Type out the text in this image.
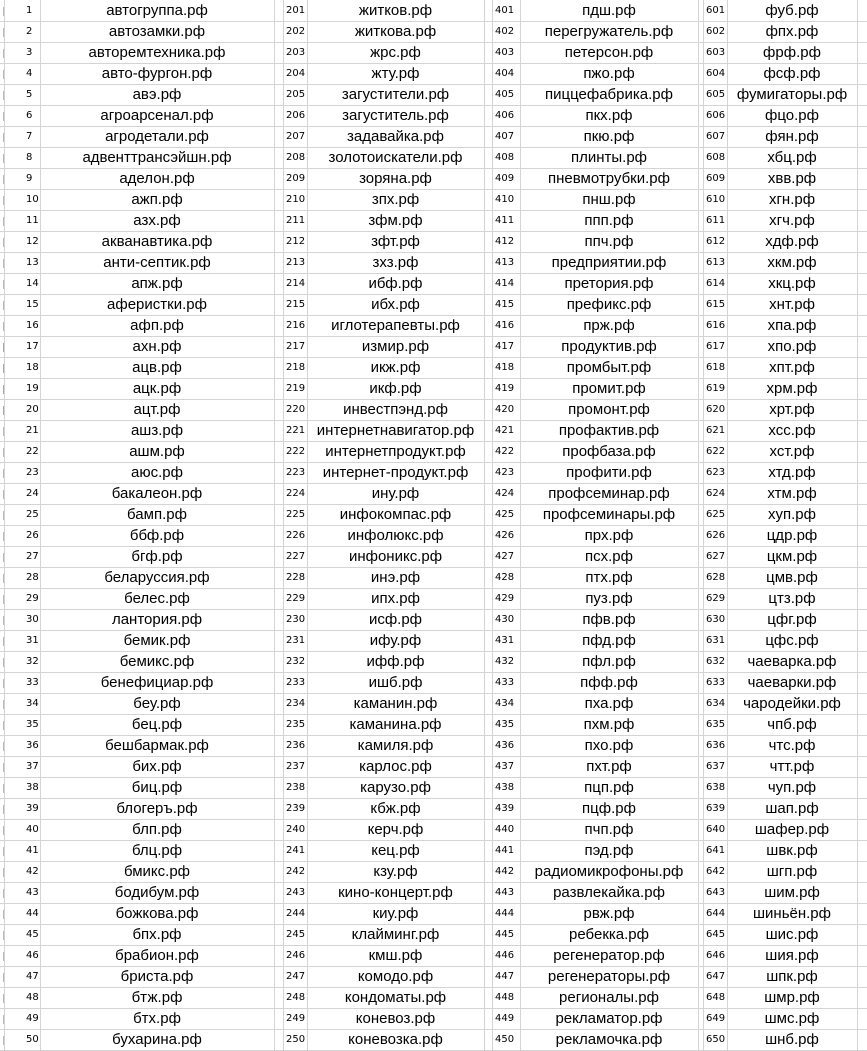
1	автогруппа.рф	201	житков.рф	401	пдш.рф	601	фуб.рф
2	автозамки.рф	202	житкова.рф	402	перегружатель.рф	602	фпх.рф
3	авторемтехника.рф	203	жрс.рф	403	петерсон.рф	603	фрф.рф
4	авто-фургон.рф	204	жту.рф	404	пжо.рф	604	фсф.рф
5	авэ.рф	205	загустители.рф	405	пиццефабрика.рф	605 фумигаторы.рф
6	агроарсенал.рф	206	загуститель.рф	406	пкх.рф	606	фцо.рф
7	агродетали.рф	207	задавайка.рф	407	пкю.рф	607	фян.рф
8	адвенттрансэйшн.рф	208	золотоискатели.рф	408	плинты.рф	608	хбц.рф
9	аделон.рф	209	зоряна.рф	409	пневмотрубки.рф	609	хвв.рф
10	ажп.рф	210	зпх.рф	410	пнш.рф	610	хгн.рф
11	азх.рф	211	зфм.рф	411	ппп.рф	611	хгч.рф
12	акванавтика.рф	212	зфт.рф	412	ппч.рф	612	хдф.рф
13	анти-септик.рф	213	зхз.рф	413	предприятии.рф	613	хкм.рф
14	апж.рф	214	ибф.рф	414	претория.рф	614	хкц.рф
15	аферистки.рф	215	ибх.рф	415	префикс.рф	615	хнт.рф
16	афп.рф	216	иглотерапевты.рф	416	прж.рф	616	хпа.рф
17	ахн.рф	217	измир.рф	417	продуктив.рф	617	хпо.рф
18	ацв.рф	218	икж.рф	418	промбыт.рф	618	хпт.рф
19	ацк.рф	219	икф.рф	419	промит.рф	619	хрм.рф
20	ацт.рф	220	инвестпэнд.рф	420	промонт.рф	620	хрт.рф
21	ашз.рф	221 интернетнавигатор.рф	421	профактив.рф	621	хсс.рф
22	ашм.рф	222	интернетпродукт.рф	422	профбаза.рф	622	хст.рф
23	аюс.рф	223	интернет-продукт.рф	423	профити.рф	623	хтд.рф
24	бакалеон.рф	224	ину.рф	424	профсеминар.рф	624	хтм.рф
25	бамп.рф	225	инфокомпас.рф	425	профсеминары.рф	625	хуп.рф
26	ббф.рф	226	инфолюкс.рф	426	прх.рф	626	цдр.рф
27	бгф.рф	227	инфоникс.рф	427	псх.рф	627	цкм.рф
28	беларуссия.рф	228	инэ.рф	428	птх.рф	628	цмв.рф
29	белес.рф	229	ипх.рф	429	пуз.рф	629	цтз.рф
30	лантория.рф	230	исф.рф	430	пфв.рф	630	цфг.рф
31	бемик.рф	231	ифу.рф	431	пфд.рф	631	цфс.рф
32	бемикс.рф	232	ифф.рф	432	пфл.рф	632	чаеварка.рф
33	бенефициар.рф	233	ишб.рф	433	пфф.рф	633	чаеварки.рф
34	беу.рф	234	каманин.рф	434	пха.рф	634	чародейки.рф
35	бец.рф	235	каманина.рф	435	пхм.рф	635	чпб.рф
36	бешбармак.рф	236	камиля.рф	436	пхо.рф	636	чтс.рф
37	бих.рф	237	карлос.рф	437	пхт.рф	637	чтт.рф
38	биц.рф	238	карузо.рф	438	пцп.рф	638	чуп.рф
39	блогеръ.рф	239	кбж.рф	439	пцф.рф	639	шап.рф
40	блп.рф	240	керч.рф	440	пчп.рф	640	шафер.рф
41	блц.рф	241	кец.рф	441	пэд.рф	641	швк.рф
42	бмикс.рф	242	кзу.рф	442	радиомикрофоны.рф	642	шгп.рф
43	бодибум.рф	243	кино-концерт.рф	443	развлекайка.рф	643	шим.рф
44	божкова.рф	244	киу.рф	444	рвж.рф	644	шиньён.рф
45	бпх.рф	245	клайминг.рф	445	ребекка.рф	645	шис.рф
46	брабион.рф	246	кмш.рф	446	регенератор.рф	646	шия.рф
47	бриста.рф	247	комодо.рф	447	регенераторы.рф	647	шпк.рф
48	бтж.рф	248	кондоматы.рф	448	регионалы.рф	648	шмр.рф
49	бтх.рф	249	коневоз.рф	449	рекламатор.рф	649	шмс.рф
50	бухарина.рф	250	коневозка.рф	450	рекламочка.рф	650	шнб.рф
